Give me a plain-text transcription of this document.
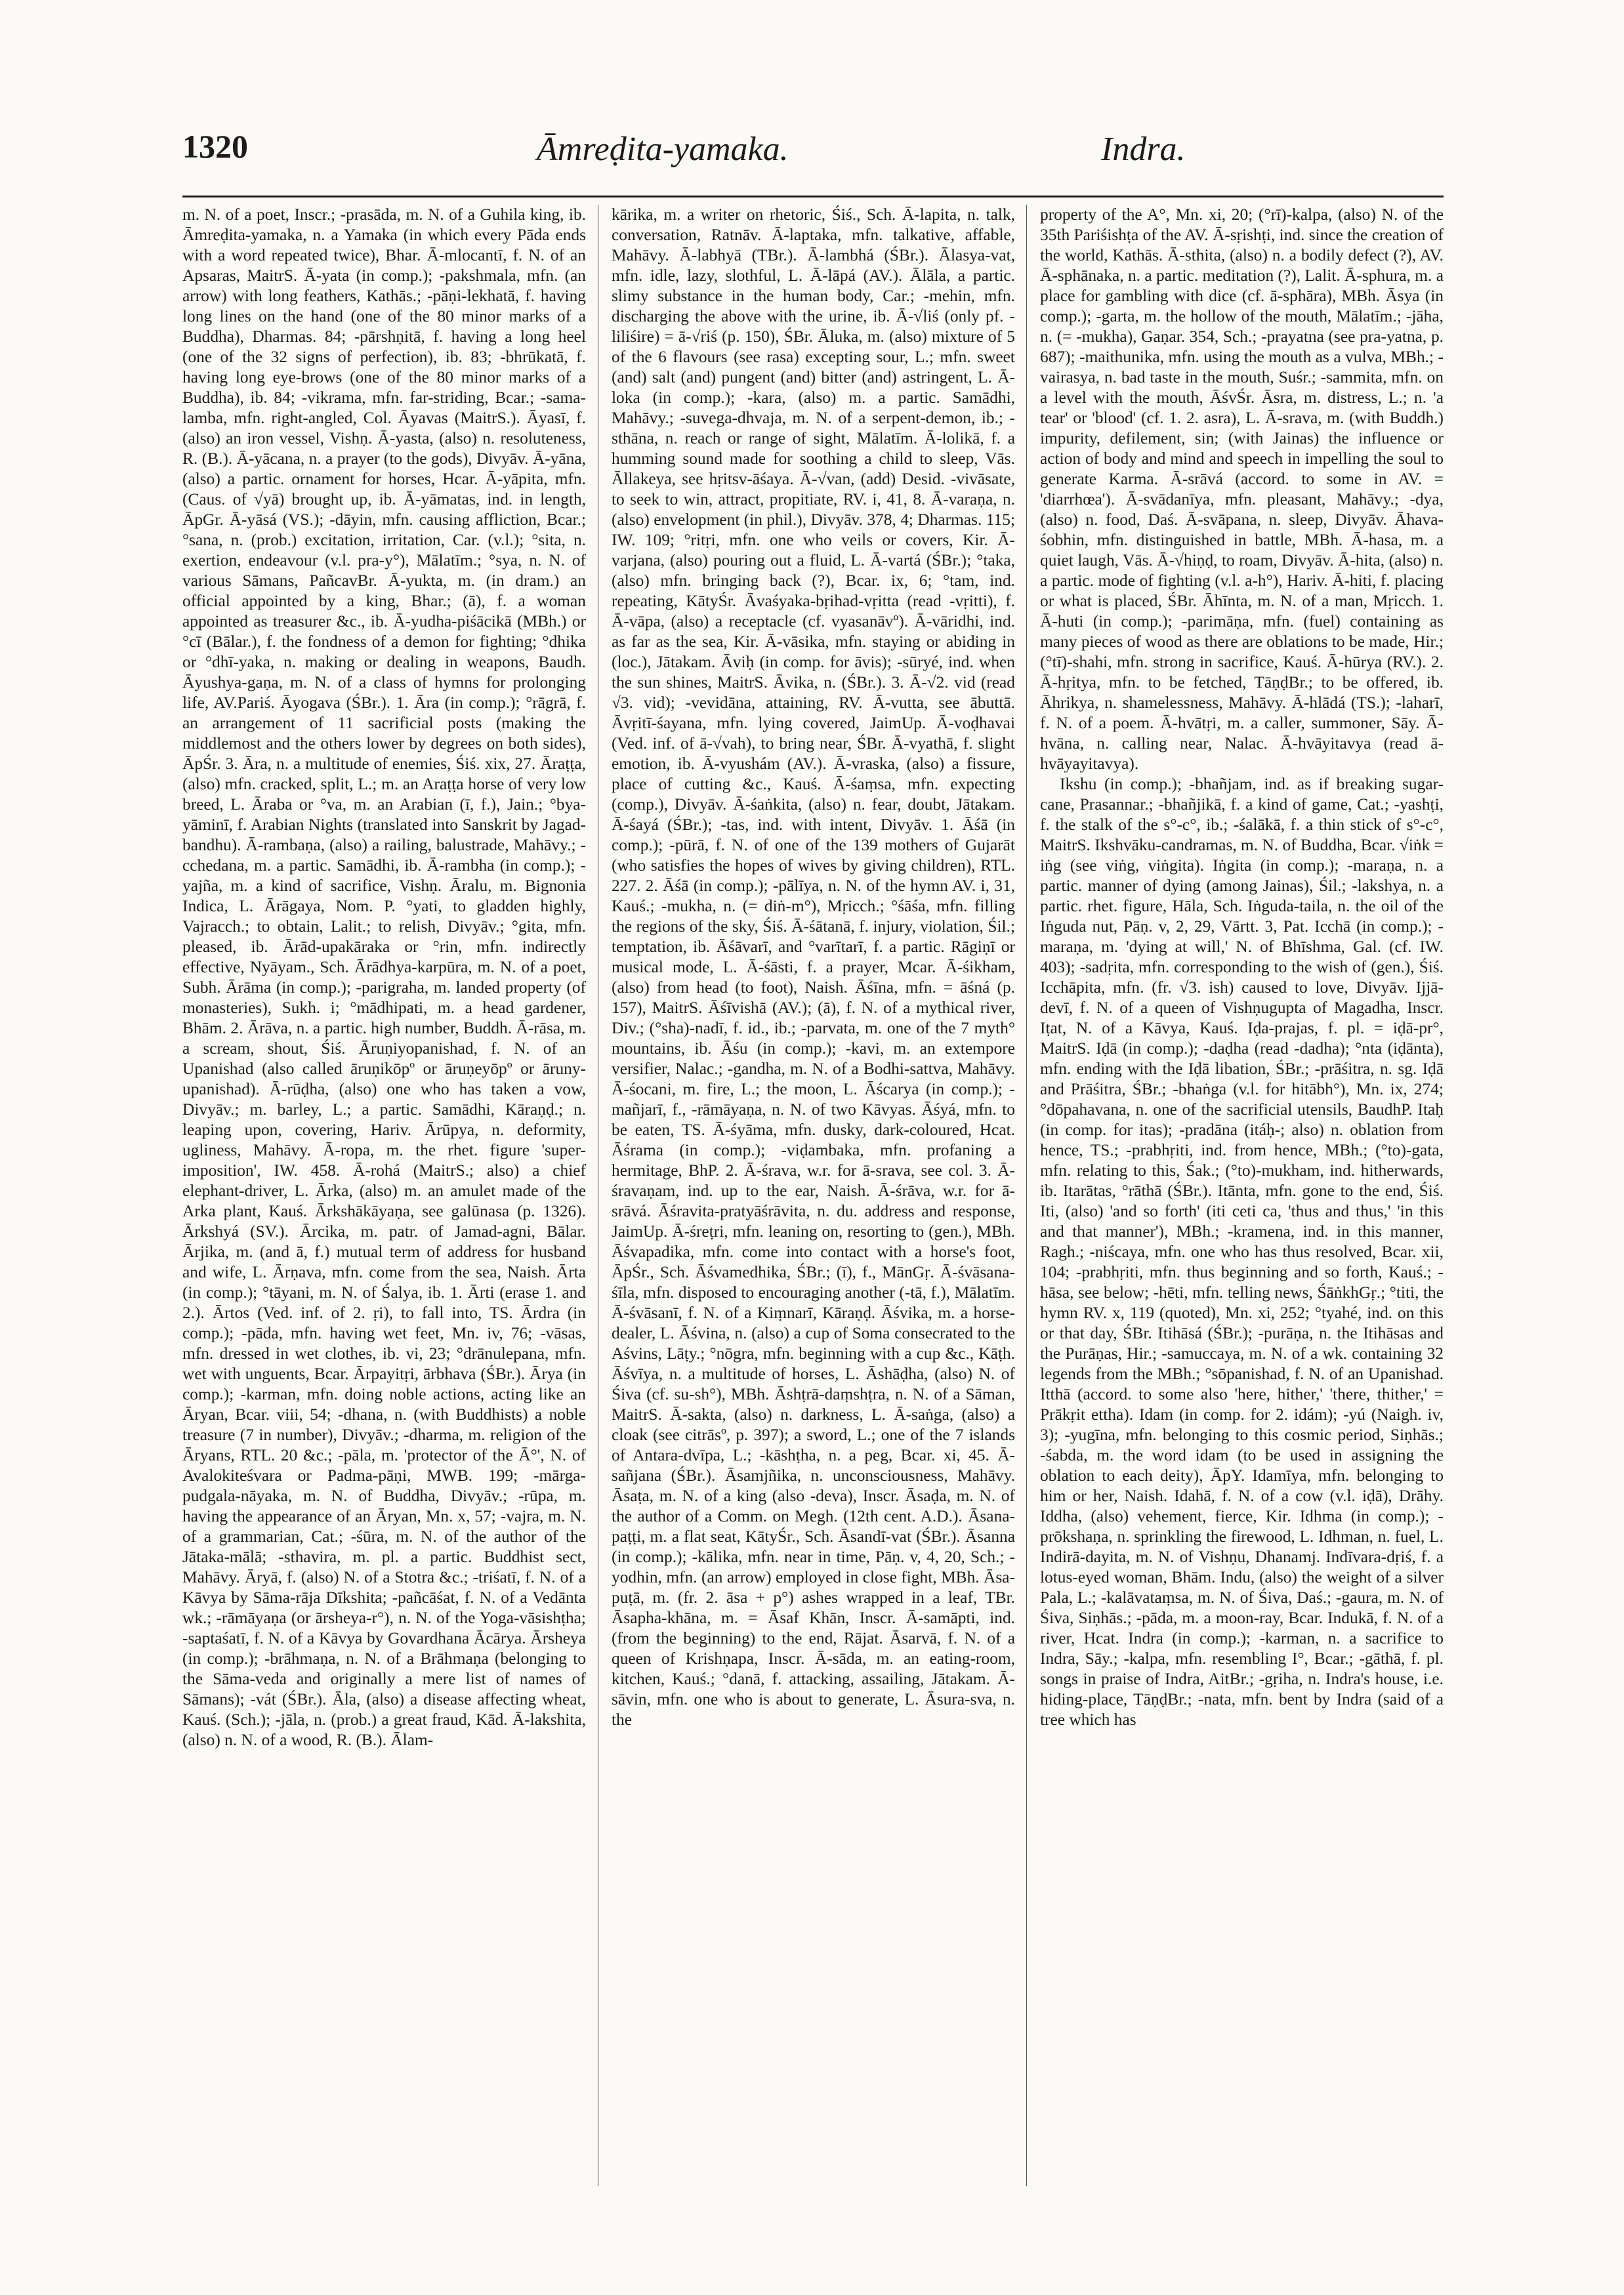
1320	Āmreḍita-yamaka.	Indra.

m. N. of a poet, Inscr.; -prasāda, m. N. of a Guhila king, ib. Āmreḍita-yamaka, n. a Yamaka (in which every Pāda ends with a word repeated twice), Bhar. Ā-mlocantī, f. N. of an Apsaras, MaitrS. Ā-yata (in comp.); -pakshmala, mfn. (an arrow) with long feathers, Kathās.; -pāṇi-lekhatā, f. having long lines on the hand (one of the 80 minor marks of a Buddha), Dharmas. 84; -pārshṇitā, f. having a long heel (one of the 32 signs of perfection), ib. 83; -bhrūkatā, f. having long eye-brows (one of the 80 minor marks of a Buddha), ib. 84; -vikrama, mfn. far-striding, Bcar.; -sama-lamba, mfn. right-angled, Col. Āyavas (MaitrS.). Āyasī, f. (also) an iron vessel, Vishṇ. Ā-yasta, (also) n. resoluteness, R. (B.). Ā-yācana, n. a prayer (to the gods), Divyāv. Ā-yāna, (also) a partic. ornament for horses, Hcar. Ā-yāpita, mfn. (Caus. of √yā) brought up, ib. Ā-yāmatas, ind. in length, ĀpGr. Ā-yāsá (VS.); -dāyin, mfn. causing affliction, Bcar.; °sana, n. (prob.) excitation, irritation, Car. (v.l.); °sita, n. exertion, endeavour (v.l. pra-y°), Mālatīm.; °sya, n. N. of various Sāmans, PañcavBr. Ā-yukta, m. (in dram.) an official appointed by a king, Bhar.; (ā), f. a woman appointed as treasurer &c., ib. Ā-yudha-piśācikā (MBh.) or °cī (Bālar.), f. the fondness of a demon for fighting; °dhika or °dhī-yaka, n. making or dealing in weapons, Baudh. Āyushya-gaṇa, m. N. of a class of hymns for prolonging life, AV.Pariś. Āyogava (ŚBr.). 1. Āra (in comp.); °rāgrā, f. an arrangement of 11 sacrificial posts (making the middlemost and the others lower by degrees on both sides), ĀpŚr. 3. Āra, n. a multitude of enemies, Śiś. xix, 27. Āraṭṭa, (also) mfn. cracked, split, L.; m. an Araṭṭa horse of very low breed, L. Āraba or °va, m. an Arabian (ī, f.), Jain.; °bya-yāminī, f. Arabian Nights (translated into Sanskrit by Jagad-bandhu). Ā-rambaṇa, (also) a railing, balustrade, Mahāvy.; -cchedana, m. a partic. Samādhi, ib. Ā-rambha (in comp.); -yajña, m. a kind of sacrifice, Vishṇ. Āralu, m. Bignonia Indica, L. Ārāgaya, Nom. P. °yati, to gladden highly, Vajracch.; to obtain, Lalit.; to relish, Divyāv.; °gita, mfn. pleased, ib. Ārād-upakāraka or °rin, mfn. indirectly effective, Nyāyam., Sch. Ārādhya-karpūra, m. N. of a poet, Subh. Ārāma (in comp.); -parigraha, m. landed property (of monasteries), Sukh. i; °mādhipati, m. a head gardener, Bhām. 2. Ārāva, n. a partic. high number, Buddh. Ā-rāsa, m. a scream, shout, Śiś. Āruṇiyopanishad, f. N. of an Upanishad (also called āruṇikōpº or āruṇeyōpº or āruny-upanishad). Ā-rūḍha, (also) one who has taken a vow, Divyāv.; m. barley, L.; a partic. Samādhi, Kāraṇḍ.; n. leaping upon, covering, Hariv. Ārūpya, n. deformity, ugliness, Mahāvy. Ā-ropa, m. the rhet. figure 'super-imposition', IW. 458. Ā-rohá (MaitrS.; also) a chief elephant-driver, L. Ārka, (also) m. an amulet made of the Arka plant, Kauś. Ārkshākāyaṇa, see galūnasa (p. 1326). Ārkshyá (SV.). Ārcika, m. patr. of Jamad-agni, Bālar. Ārjika, m. (and ā, f.) mutual term of address for husband and wife, L. Ārṇava, mfn. come from the sea, Naish. Ārta (in comp.); °tāyani, m. N. of Śalya, ib. 1. Ārti (erase 1. and 2.). Ārtos (Ved. inf. of 2. ṛi), to fall into, TS. Ārdra (in comp.); -pāda, mfn. having wet feet, Mn. iv, 76; -vāsas, mfn. dressed in wet clothes, ib. vi, 23; °drānulepana, mfn. wet with unguents, Bcar. Ārpayitṛi, ārbhava (ŚBr.). Ārya (in comp.); -karman, mfn. doing noble actions, acting like an Āryan, Bcar. viii, 54; -dhana, n. (with Buddhists) a noble treasure (7 in number), Divyāv.; -dharma, m. religion of the Āryans, RTL. 20 &c.; -pāla, m. 'protector of the Ā°', N. of Avalokiteśvara or Padma-pāṇi, MWB. 199; -mārga-pudgala-nāyaka, m. N. of Buddha, Divyāv.; -rūpa, m. having the appearance of an Āryan, Mn. x, 57; -vajra, m. N. of a grammarian, Cat.; -śūra, m. N. of the author of the Jātaka-mālā; -sthavira, m. pl. a partic. Buddhist sect, Mahāvy. Āryā, f. (also) N. of a Stotra &c.; -triśatī, f. N. of a Kāvya by Sāma-rāja Dīkshita; -pañcāśat, f. N. of a Vedānta wk.; -rāmāyaṇa (or ārsheya-r°), n. N. of the Yoga-vāsishṭha; -saptaśatī, f. N. of a Kāvya by Govardhana Ācārya. Ārsheya (in comp.); -brāhmaṇa, n. N. of a Brāhmaṇa (belonging to the Sāma-veda and originally a mere list of names of Sāmans); -vát (ŚBr.). Āla, (also) a disease affecting wheat, Kauś. (Sch.); -jāla, n. (prob.) a great fraud, Kād. Ā-lakshita, (also) n. N. of a wood, R. (B.). Ālam-

kārika, m. a writer on rhetoric, Śiś., Sch. Ā-lapita, n. talk, conversation, Ratnāv. Ā-laptaka, mfn. talkative, affable, Mahāvy. Ā-labhyā (TBr.). Ā-lambhá (ŚBr.). Ālasya-vat, mfn. idle, lazy, slothful, L. Ā-lāpá (AV.). Ālāla, a partic. slimy substance in the human body, Car.; -mehin, mfn. discharging the above with the urine, ib. Ā-√liś (only pf. -liliśire) = ā-√riś (p. 150), ŚBr. Āluka, m. (also) mixture of 5 of the 6 flavours (see rasa) excepting sour, L.; mfn. sweet (and) salt (and) pungent (and) bitter (and) astringent, L. Ā-loka (in comp.); -kara, (also) m. a partic. Samādhi, Mahāvy.; -suvega-dhvaja, m. N. of a serpent-demon, ib.; -sthāna, n. reach or range of sight, Mālatīm. Ā-lolikā, f. a humming sound made for soothing a child to sleep, Vās. Āllakeya, see hṛitsv-āśaya. Ā-√van, (add) Desid. -vivāsate, to seek to win, attract, propitiate, RV. i, 41, 8. Ā-varaṇa, n. (also) envelopment (in phil.), Divyāv. 378, 4; Dharmas. 115; IW. 109; °ritṛi, mfn. one who veils or covers, Kir. Ā-varjana, (also) pouring out a fluid, L. Ā-vartá (ŚBr.); °taka, (also) mfn. bringing back (?), Bcar. ix, 6; °tam, ind. repeating, KātyŚr. Āvaśyaka-bṛihad-vṛitta (read -vṛitti), f. Ā-vāpa, (also) a receptacle (cf. vyasanāvº). Ā-vāridhi, ind. as far as the sea, Kir. Ā-vāsika, mfn. staying or abiding in (loc.), Jātakam. Āviḥ (in comp. for āvis); -sūryé, ind. when the sun shines, MaitrS. Āvika, n. (ŚBr.). 3. Ā-√2. vid (read √3. vid); -vevidāna, attaining, RV. Ā-vutta, see ābuttā. Āvṛitī-śayana, mfn. lying covered, JaimUp. Ā-voḍhavai (Ved. inf. of ā-√vah), to bring near, ŚBr. Ā-vyathā, f. slight emotion, ib. Ā-vyushám (AV.). Ā-vraska, (also) a fissure, place of cutting &c., Kauś. Ā-śaṃsa, mfn. expecting (comp.), Divyāv. Ā-śaṅkita, (also) n. fear, doubt, Jātakam. Ā-śayá (ŚBr.); -tas, ind. with intent, Divyāv. 1. Āśā (in comp.); -pūrā, f. N. of one of the 139 mothers of Gujarāt (who satisfies the hopes of wives by giving children), RTL. 227. 2. Āśā (in comp.); -pālīya, n. N. of the hymn AV. i, 31, Kauś.; -mukha, n. (= diṅ-m°), Mṛicch.; °śāśa, mfn. filling the regions of the sky, Śiś. Ā-śātanā, f. injury, violation, Śil.; temptation, ib. Āśāvarī, and °varītarī, f. a partic. Rāgiṇī or musical mode, L. Ā-śāsti, f. a prayer, Mcar. Ā-śikham, (also) from head (to foot), Naish. Āśīna, mfn. = āśná (p. 157), MaitrS. Āśīvishā (AV.); (ā), f. N. of a mythical river, Div.; (°sha)-nadī, f. id., ib.; -parvata, m. one of the 7 myth° mountains, ib. Āśu (in comp.); -kavi, m. an extempore versifier, Nalac.; -gandha, m. N. of a Bodhi-sattva, Mahāvy. Ā-śocani, m. fire, L.; the moon, L. Āścarya (in comp.); -mañjarī, f., -rāmāyaṇa, n. N. of two Kāvyas. Āśyá, mfn. to be eaten, TS. Ā-śyāma, mfn. dusky, dark-coloured, Hcat. Āśrama (in comp.); -viḍambaka, mfn. profaning a hermitage, BhP. 2. Ā-śrava, w.r. for ā-srava, see col. 3. Ā-śravaṇam, ind. up to the ear, Naish. Ā-śrāva, w.r. for ā-srāvá. Āśravita-pratyāśrāvita, n. du. address and response, JaimUp. Ā-śreṭri, mfn. leaning on, resorting to (gen.), MBh. Āśvapadika, mfn. come into contact with a horse's foot, ĀpŚr., Sch. Āśvamedhika, ŚBr.; (ī), f., MānGṛ. Ā-śvāsana-śīla, mfn. disposed to encouraging another (-tā, f.), Mālatīm. Ā-śvāsanī, f. N. of a Kiṃnarī, Kāraṇḍ. Āśvika, m. a horse-dealer, L. Āśvina, n. (also) a cup of Soma consecrated to the Aśvins, Lāṭy.; °nōgra, mfn. beginning with a cup &c., Kāṭh. Āśvīya, n. a multitude of horses, L. Āshāḍha, (also) N. of Śiva (cf. su-sh°), MBh. Āshṭrā-daṃshṭra, n. N. of a Sāman, MaitrS. Ā-sakta, (also) n. darkness, L. Ā-saṅga, (also) a cloak (see citrāsº, p. 397); a sword, L.; one of the 7 islands of Antara-dvīpa, L.; -kāshṭha, n. a peg, Bcar. xi, 45. Ā-sañjana (ŚBr.). Āsamjñika, n. unconsciousness, Mahāvy. Āsaṭa, m. N. of a king (also -deva), Inscr. Āsaḍa, m. N. of the author of a Comm. on Megh. (12th cent. A.D.). Āsana-paṭṭi, m. a flat seat, KātyŚr., Sch. Āsandī-vat (ŚBr.). Āsanna (in comp.); -kālika, mfn. near in time, Pāṇ. v, 4, 20, Sch.; -yodhin, mfn. (an arrow) employed in close fight, MBh. Āsa-puṭā, m. (fr. 2. āsa + p°) ashes wrapped in a leaf, TBr. Āsapha-khāna, m. = Āsaf Khān, Inscr. Ā-samāpti, ind. (from the beginning) to the end, Rājat. Āsarvā, f. N. of a queen of Krishṇapa, Inscr. Ā-sāda, m. an eating-room, kitchen, Kauś.; °danā, f. attacking, assailing, Jātakam. Ā-sāvin, mfn. one who is about to generate, L. Āsura-sva, n. the

property of the A°, Mn. xi, 20; (°rī)-kalpa, (also) N. of the 35th Pariśishṭa of the AV. Ā-sṛishṭi, ind. since the creation of the world, Kathās. Ā-sthita, (also) n. a bodily defect (?), AV. Ā-sphānaka, n. a partic. meditation (?), Lalit. Ā-sphura, m. a place for gambling with dice (cf. ā-sphāra), MBh. Āsya (in comp.); -garta, m. the hollow of the mouth, Mālatīm.; -jāha, n. (= -mukha), Gaṇar. 354, Sch.; -prayatna (see pra-yatna, p. 687); -maithunika, mfn. using the mouth as a vulva, MBh.; -vairasya, n. bad taste in the mouth, Suśr.; -sammita, mfn. on a level with the mouth, ĀśvŚr. Āsra, m. distress, L.; n. 'a tear' or 'blood' (cf. 1. 2. asra), L. Ā-srava, m. (with Buddh.) impurity, defilement, sin; (with Jainas) the influence or action of body and mind and speech in impelling the soul to generate Karma. Ā-srāvá (accord. to some in AV. = 'diarrhœa'). Ā-svādanīya, mfn. pleasant, Mahāvy.; -dya, (also) n. food, Daś. Ā-svāpana, n. sleep, Divyāv. Āhava-śobhin, mfn. distinguished in battle, MBh. Ā-hasa, m. a quiet laugh, Vās. Ā-√hiṇḍ, to roam, Divyāv. Ā-hita, (also) n. a partic. mode of fighting (v.l. a-h°), Hariv. Ā-hiti, f. placing or what is placed, ŚBr. Āhīnta, m. N. of a man, Mṛicch. 1. Ā-huti (in comp.); -parimāṇa, mfn. (fuel) containing as many pieces of wood as there are oblations to be made, Hir.; (°tī)-shahi, mfn. strong in sacrifice, Kauś. Ā-hūrya (RV.). 2. Ā-hṛitya, mfn. to be fetched, TāṇḍBr.; to be offered, ib. Āhrikya, n. shamelessness, Mahāvy. Ā-hlādá (TS.); -laharī, f. N. of a poem. Ā-hvātṛi, m. a caller, summoner, Sāy. Ā-hvāna, n. calling near, Nalac. Ā-hvāyitavya (read ā-hvāyayitavya).

Ikshu (in comp.); -bhañjam, ind. as if breaking sugar-cane, Prasannar.; -bhañjikā, f. a kind of game, Cat.; -yashṭi, f. the stalk of the s°-c°, ib.; -śalākā, f. a thin stick of s°-c°, MaitrS. Ikshvāku-candramas, m. N. of Buddha, Bcar. √iṅk = iṅg (see viṅg, viṅgita). Iṅgita (in comp.); -maraṇa, n. a partic. manner of dying (among Jainas), Śil.; -lakshya, n. a partic. rhet. figure, Hāla, Sch. Iṅguda-taila, n. the oil of the Iṅguda nut, Pāṇ. v, 2, 29, Vārtt. 3, Pat. Icchā (in comp.); -maraṇa, m. 'dying at will,' N. of Bhīshma, Gal. (cf. IW. 403); -sadṛita, mfn. corresponding to the wish of (gen.), Śiś. Icchāpita, mfn. (fr. √3. ish) caused to love, Divyāv. Ijjā-devī, f. N. of a queen of Vishṇugupta of Magadha, Inscr. Iṭat, N. of a Kāvya, Kauś. Iḍa-prajas, f. pl. = iḍā-pr°, MaitrS. Iḍā (in comp.); -daḍha (read -dadha); °nta (iḍānta), mfn. ending with the Iḍā libation, ŚBr.; -prāśitra, n. sg. Iḍā and Prāśitra, ŚBr.; -bhaṅga (v.l. for hitābh°), Mn. ix, 274; °dōpahavana, n. one of the sacrificial utensils, BaudhP. Itaḥ (in comp. for itas); -pradāna (itáḥ-; also) n. oblation from hence, TS.; -prabhṛiti, ind. from hence, MBh.; (°to)-gata, mfn. relating to this, Śak.; (°to)-mukham, ind. hitherwards, ib. Itarātas, °rāthā (ŚBr.). Itānta, mfn. gone to the end, Śiś. Iti, (also) 'and so forth' (iti ceti ca, 'thus and thus,' 'in this and that manner'), MBh.; -kramena, ind. in this manner, Ragh.; -niścaya, mfn. one who has thus resolved, Bcar. xii, 104; -prabhṛiti, mfn. thus beginning and so forth, Kauś.; -hāsa, see below; -hēti, mfn. telling news, ŚāṅkhGṛ.; °titi, the hymn RV. x, 119 (quoted), Mn. xi, 252; °tyahé, ind. on this or that day, ŚBr. Itihāsá (ŚBr.); -purāṇa, n. the Itihāsas and the Purāṇas, Hir.; -samuccaya, m. N. of a wk. containing 32 legends from the MBh.; °sōpanishad, f. N. of an Upanishad. Itthā (accord. to some also 'here, hither,' 'there, thither,' = Prākṛit ettha). Idam (in comp. for 2. idám); -yú (Naigh. iv, 3); -yugīna, mfn. belonging to this cosmic period, Siṇhās.; -śabda, m. the word idam (to be used in assigning the oblation to each deity), ĀpY. Idamīya, mfn. belonging to him or her, Naish. Idahā, f. N. of a cow (v.l. iḍā), Drāhy. Iddha, (also) vehement, fierce, Kir. Idhma (in comp.); -prōkshaṇa, n. sprinkling the firewood, L. Idhman, n. fuel, L. Indirā-dayita, m. N. of Vishṇu, Dhanamj. Indīvara-dṛiś, f. a lotus-eyed woman, Bhām. Indu, (also) the weight of a silver Pala, L.; -kalāvataṃsa, m. N. of Śiva, Daś.; -gaura, m. N. of Śiva, Siṇhās.; -pāda, m. a moon-ray, Bcar. Indukā, f. N. of a river, Hcat. Indra (in comp.); -karman, n. a sacrifice to Indra, Sāy.; -kalpa, mfn. resembling I°, Bcar.; -gāthā, f. pl. songs in praise of Indra, AitBr.; -gṛiha, n. Indra's house, i.e. hiding-place, TāṇḍBr.; -nata, mfn. bent by Indra (said of a tree which has
